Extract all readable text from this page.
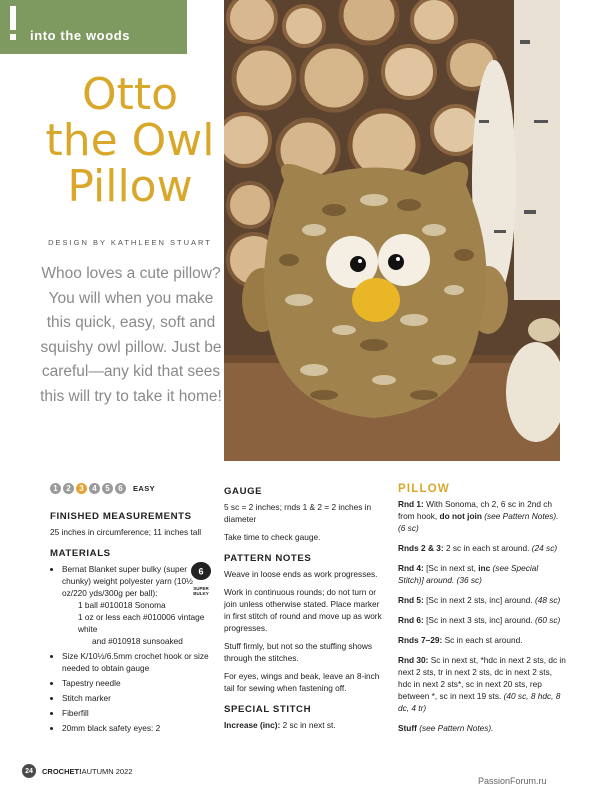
into the woods
Otto
the Owl
Pillow
DESIGN BY KATHLEEN STUART
Whoo loves a cute pillow? You will when you make this quick, easy, soft and squishy owl pillow. Just be careful—any kid that sees this will try to take it home!
1	2	3	4	5	6	EASY
FINISHED MEASUREMENTS

25 inches in circumference; 11 inches tall

MATERIALS
• Bernat Blanket super bulky (super chunky) weight polyester yarn (10½ oz/220 yds/300g per ball):
1 ball #010018 Sonoma
1 oz or less each #010006 vintage white
and #010918 sunsoaked
• Size K/10½/6.5mm crochet hook or size needed to obtain gauge
• Tapestry needle
• Stitch marker
• Fiberfill
• 20mm black safety eyes: 2
6
SUPER BULKY
GAUGE

5 sc = 2 inches; rnds 1 & 2 = 2 inches in diameter

Take time to check gauge.

PATTERN NOTES

Weave in loose ends as work progresses.

Work in continuous rounds; do not turn or join unless otherwise stated. Place marker in first stitch of round and move up as work progresses.

Stuff firmly, but not so the stuffing shows through the stitches.

For eyes, wings and beak, leave an 8-inch tail for sewing when fastening off.

SPECIAL STITCH

Increase (inc): 2 sc in next st.

PILLOW

Rnd 1: With Sonoma, ch 2, 6 sc in 2nd ch from hook, do not join (see Pattern Notes). (6 sc)

Rnds 2 & 3: 2 sc in each st around. (24 sc)

Rnd 4: [Sc in next st, inc (see Special Stitch)] around. (36 sc)

Rnd 5: [Sc in next 2 sts, inc] around. (48 sc)

Rnd 6: [Sc in next 3 sts, inc] around. (60 sc)

Rnds 7–29: Sc in each st around.

Rnd 30: Sc in next st, *hdc in next 2 sts, dc in next 2 sts, tr in next 2 sts, dc in next 2 sts, hdc in next 2 sts*, sc in next 20 sts, rep between *, sc in next 19 sts. (40 sc, 8 hdc, 8 dc, 4 tr)

Stuff (see Pattern Notes).

24	CROCHET! AUTUMN 2022
PassionForum.ru
